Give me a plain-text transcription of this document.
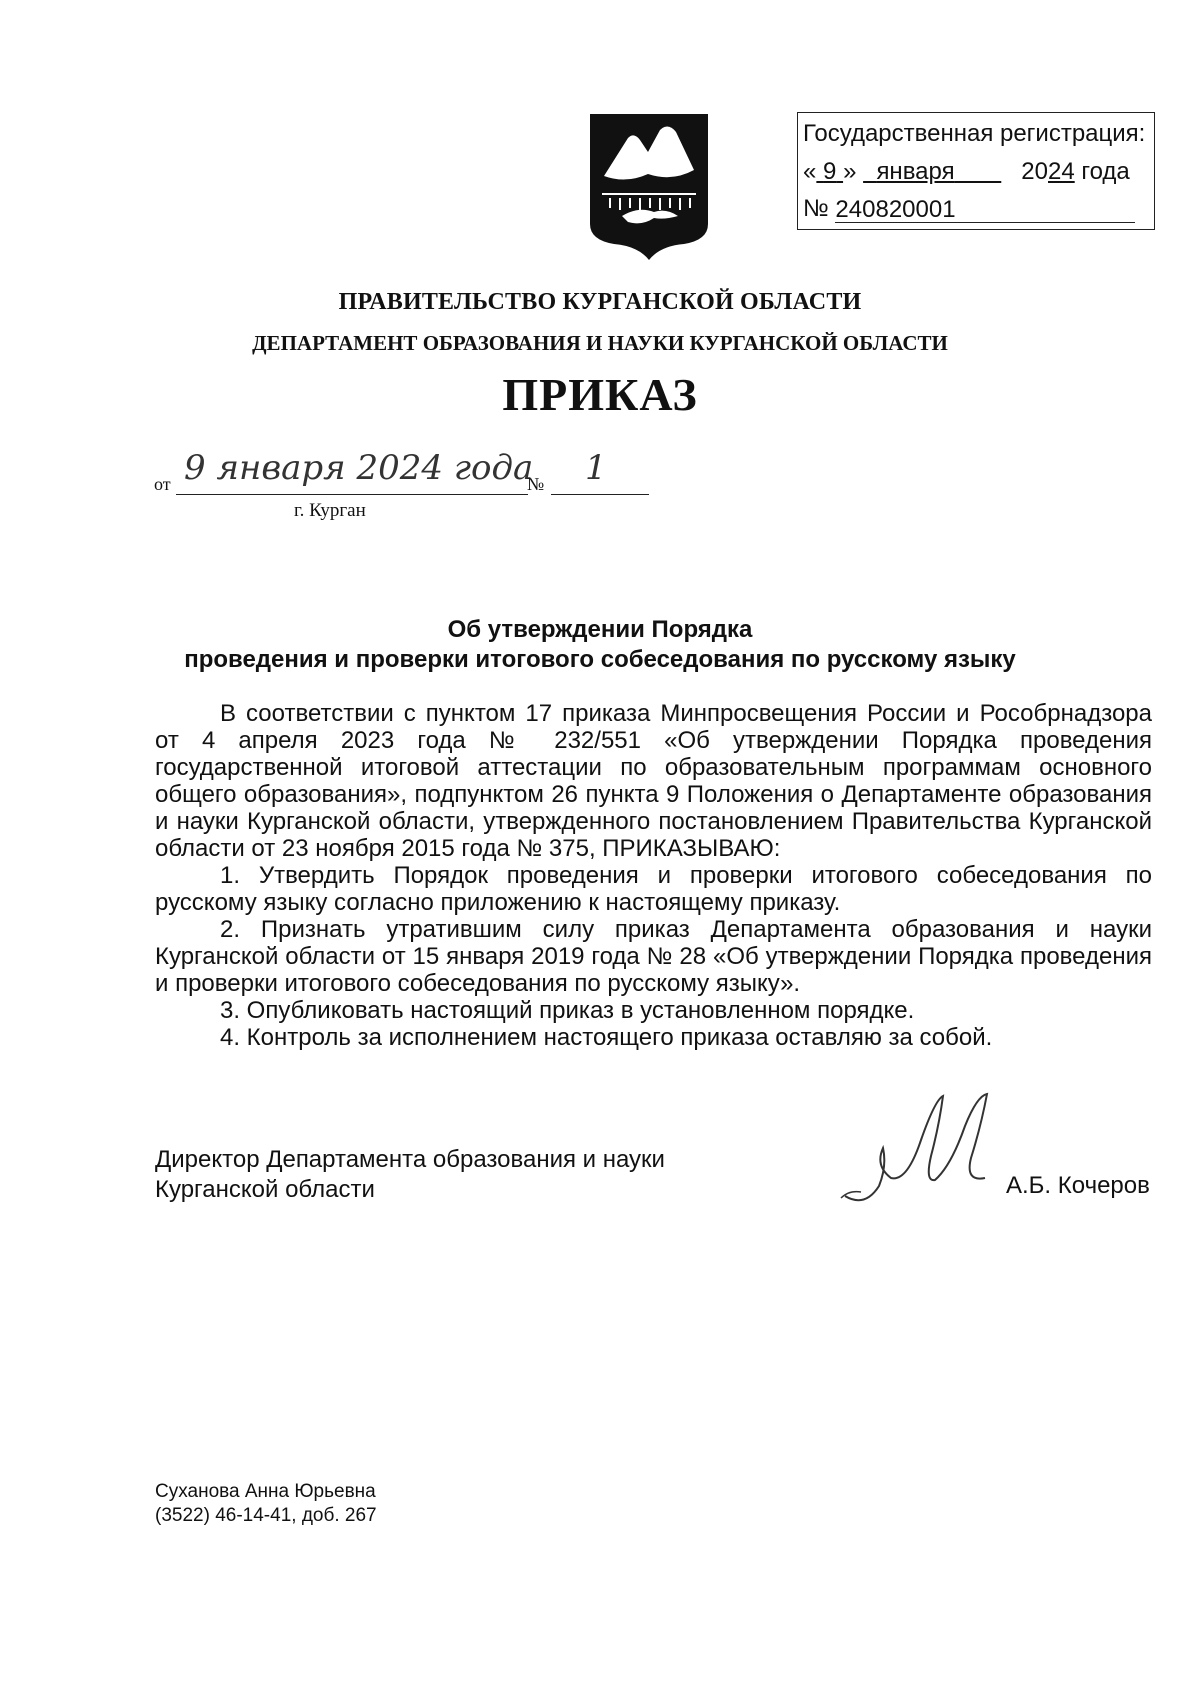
Государственная регистрация:
« 9 » января	2024 года
№ 240820001
ПРАВИТЕЛЬСТВО КУРГАНСКОЙ ОБЛАСТИ
ДЕПАРТАМЕНТ ОБРАЗОВАНИЯ И НАУКИ КУРГАНСКОЙ ОБЛАСТИ
ПРИКАЗ
от 9 января 2024 года
№ 1
г. Курган
Об утверждении Порядка
проведения и проверки итогового собеседования по русскому языку

В соответствии с пунктом 17 приказа Минпросвещения России и Рособрнадзора от 4 апреля 2023 года № 232/551 «Об утверждении Порядка проведения государственной итоговой аттестации по образовательным программам основного общего образования», подпунктом 26 пункта 9 Положения о Департаменте образования и науки Курганской области, утвержденного постановлением Правительства Курганской области от 23 ноября 2015 года № 375, ПРИКАЗЫВАЮ:

1. Утвердить Порядок проведения и проверки итогового собеседования по русскому языку согласно приложению к настоящему приказу.

2. Признать утратившим силу приказ Департамента образования и науки Курганской области от 15 января 2019 года № 28 «Об утверждении Порядка проведения и проверки итогового собеседования по русскому языку».

3. Опубликовать настоящий приказ в установленном порядке.

4. Контроль за исполнением настоящего приказа оставляю за собой.

Директор Департамента образования и науки
Курганской области	А.Б. Кочеров
Суханова Анна Юрьевна
(3522) 46-14-41, доб. 267
